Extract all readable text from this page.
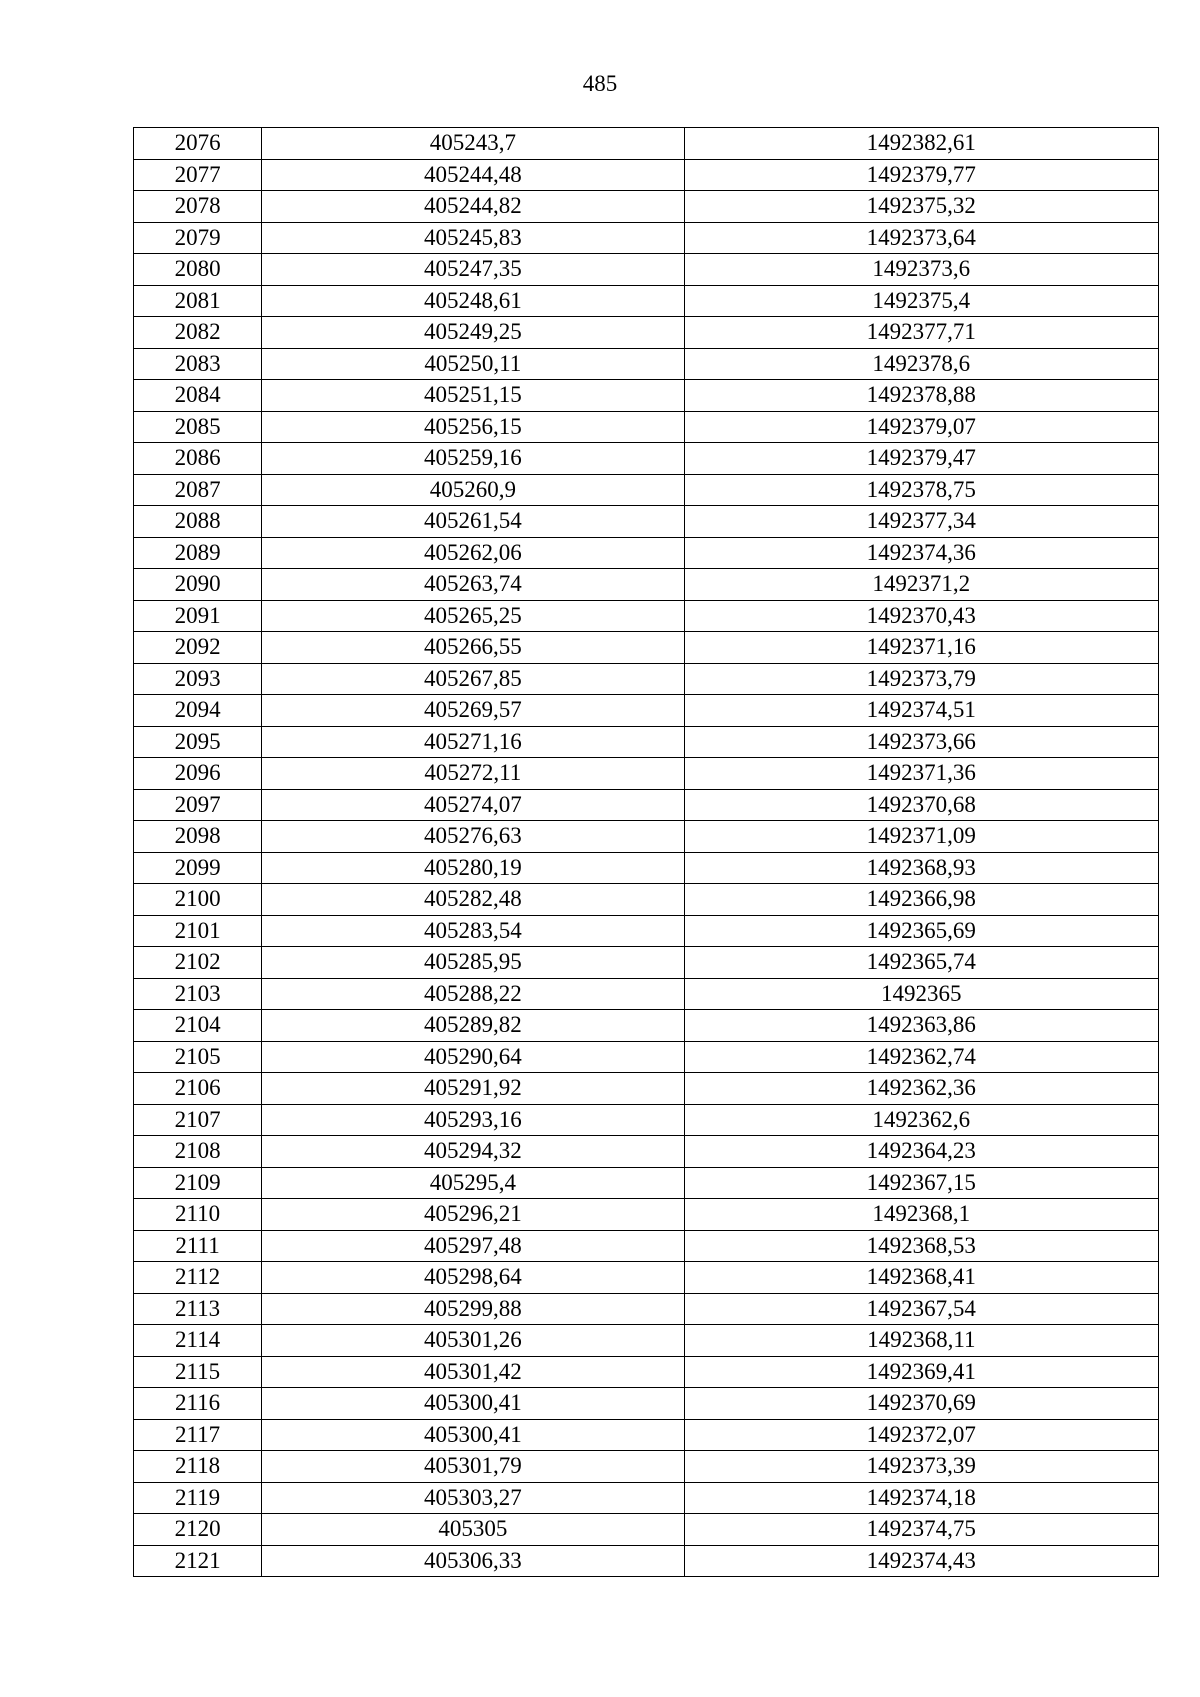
485
2076	405243,7	1492382,61
2077	405244,48	1492379,77
2078	405244,82	1492375,32
2079	405245,83	1492373,64
2080	405247,35	1492373,6
2081	405248,61	1492375,4
2082	405249,25	1492377,71
2083	405250,11	1492378,6
2084	405251,15	1492378,88
2085	405256,15	1492379,07
2086	405259,16	1492379,47
2087	405260,9	1492378,75
2088	405261,54	1492377,34
2089	405262,06	1492374,36
2090	405263,74	1492371,2
2091	405265,25	1492370,43
2092	405266,55	1492371,16
2093	405267,85	1492373,79
2094	405269,57	1492374,51
2095	405271,16	1492373,66
2096	405272,11	1492371,36
2097	405274,07	1492370,68
2098	405276,63	1492371,09
2099	405280,19	1492368,93
2100	405282,48	1492366,98
2101	405283,54	1492365,69
2102	405285,95	1492365,74
2103	405288,22	1492365
2104	405289,82	1492363,86
2105	405290,64	1492362,74
2106	405291,92	1492362,36
2107	405293,16	1492362,6
2108	405294,32	1492364,23
2109	405295,4	1492367,15
2110	405296,21	1492368,1
2111	405297,48	1492368,53
2112	405298,64	1492368,41
2113	405299,88	1492367,54
2114	405301,26	1492368,11
2115	405301,42	1492369,41
2116	405300,41	1492370,69
2117	405300,41	1492372,07
2118	405301,79	1492373,39
2119	405303,27	1492374,18
2120	405305	1492374,75
2121	405306,33	1492374,43
